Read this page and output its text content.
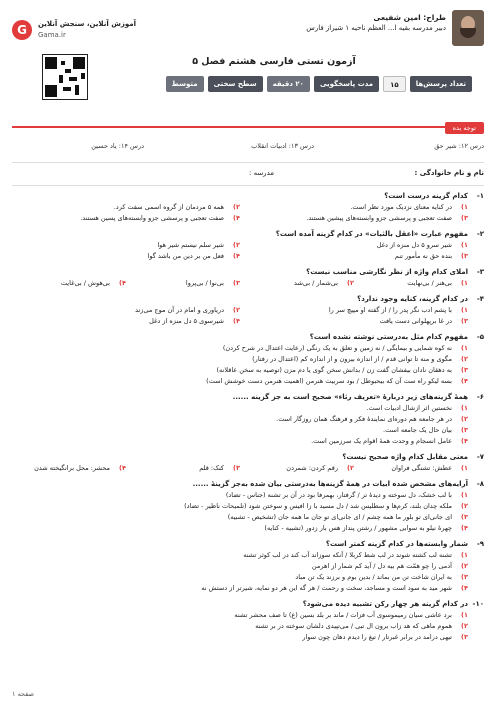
طراح: امین شفیعی
دبیر مدرسه بقیه ا... العظم ناحیه ۱ شیراز فارس
G	آموزش آنلاین، سنجش آنلاین
Gama.ir
آزمون تستی فارسی هشتم فصل ۵
تعداد پرسش‌ها
۱۵
مدت پاسخگویی
۲۰ دقیقه
سطح سختی
متوسط
توجه بده
درس ۱۲: شیر حق
درس ۱۳: ادبیات انقلاب
درس ۱۴: یاد حسین
نام و نام خانوادگی :
مدرسه :
۱-
کدام گزینه درست است؟
۱)
در کنایه معنای نزدیک مورد نظر است.
۲)
همه ۵ مردمان از گروه اسمی سفت کرد.
۳)
صفت تعجبی و پرسشی جزو وابسته‌های پیشین هستند.
۴)
صفت تعجبی و پرسشی جزو وابسته‌های پسین هستند.
۲-
مفهوم عبارت «اعقل بالثبات» در کدام گزینه آمده است؟
۱)
شیر سرو ۵ دل منزه از دغل
۲)
شیر سلم نیستم شیر هوا
۳)
بنده حق نه مأمور تنم
۴)
فعل من بر دین من باشد گوا
۳-
املای کدام واژه از نظر نگارشی مناسب نیست؟
۱)
بی‌هنر / بی‌نهایت
۲)
بی‌شمار / بی‌شد
۳)
بی‌نوا / بی‌پروا
۴)
بی‌هوش / بی‌غایت
۴-
در کدام گزینه، کنایه وجود ندارد؟
۱)
با پشم ادب نگر پدر را / از گفته او مپیچ سر را
۲)
دریاوری و امام در آن موج می‌زند
۳)
در غا برپهلوانی دست یافت
۴)
شیرسوی ۵ دل منزه از دغل
۵-
مفهوم کدام مثل به‌درستی نوشته نشده است؟
۱)
نه کوه شمایی و بیمایگی / نه زمین و تعلق به یک رنگی (رعایت اعتدال در شرح کردن)
۲)
مگوی و منه تا توانی قدم / از اندازه بیرون و از اندازه کم (اعتدال در رفتار)
۳)
به دهقان نادان بیفشان گفت زن / بدانش سخن گوی یا دم مزن (توصیه به سخن عاقلانه)
۴)
بسه لیکو راه ست آن که بیحبوطل / بود سربیت هنرمن (اهمیت هنرمن دست خوشش است)
۶-
همهٔ گزینه‌های زیر دربارهٔ «تعریف رثاء» صحیح است به جز گزینه ......
۱)
نخستین اثر ازشال ادبیات است.
۲)
در هر جامعه هم دوره‌ای نمایندهٔ فکر و فرهنگ همان روزگار است.
۳)
بیان حال یک جامعه است.
۴)
عامل انسجام و وحدت همهٔ اقوام یک سرزمین است.
۷-
معنی مقابل کدام واژه صحیح نیست؟
۱)
عطش: تشنگی فراوان
۲)
رقم کردن: شمردن
۳)
کنک: قلم
۴)
محشر: محل برانگیخته شدن
۸-
آرایه‌های مشخص شده ابیات در همهٔ گزینه‌ها به‌درستی بیان شده به‌جز گزینهٔ ......
۱)
با لب خشک، دل سوخته و دیدهٔ تر / گرفتار، بهمرفا بود در آن بر تشنه (جناس - تضاد)
۲)
ملکه چدان بلند، کرم‌ها و سطلیس شد / دل مسید با زا افیس و سوختن شود (تلمیحات ناظیر - تضاد)
۳)
ای جانی‌ای تو بلور ما همه چشم / ای جانی‌ای تو جان ما همه جان (تشخیص - تشبیه)
۴)
چهرهٔ نیلو به سوابی مشهور / رشتن پنداز هس بار زدور (تشبیه - کنایه)
۹-
شمار وابسته‌ها در کدام گزینه کمتر است؟
۱)
تشنه لب کشته شوند در لب شط کربلا / آنکه سوزاند آب کند در لب کوثر تشنه
۲)
آدمی را چو همّت هم بیه دل / آید کم شمار از اهرمن
۳)
به ایران شاخت تن من بماند / بدین بوم و برزند یک تن مباد
۴)
شهر مید به سود است و مساجد، سخت و رحمت / هر گه این هر دو نمایه، شیرتر از دستش نه
۱۰-
در کدام گزینه هر چهار رکن تشبیه دیده می‌شود؟
۱)
برد عاشی سیان رمیموسوی آب فزات / ماند بر بلد بسین (ع) تا صف محشر تشنه
۲)
هموم ماهی که هد زاب برون ال تبی / می‌تپیدی دلشان سوخته در بر تشنه
۳)
تیهی درامد در برابر غبرتار / تیغ را دیدم دهان چون سوار
صفحه ۱
